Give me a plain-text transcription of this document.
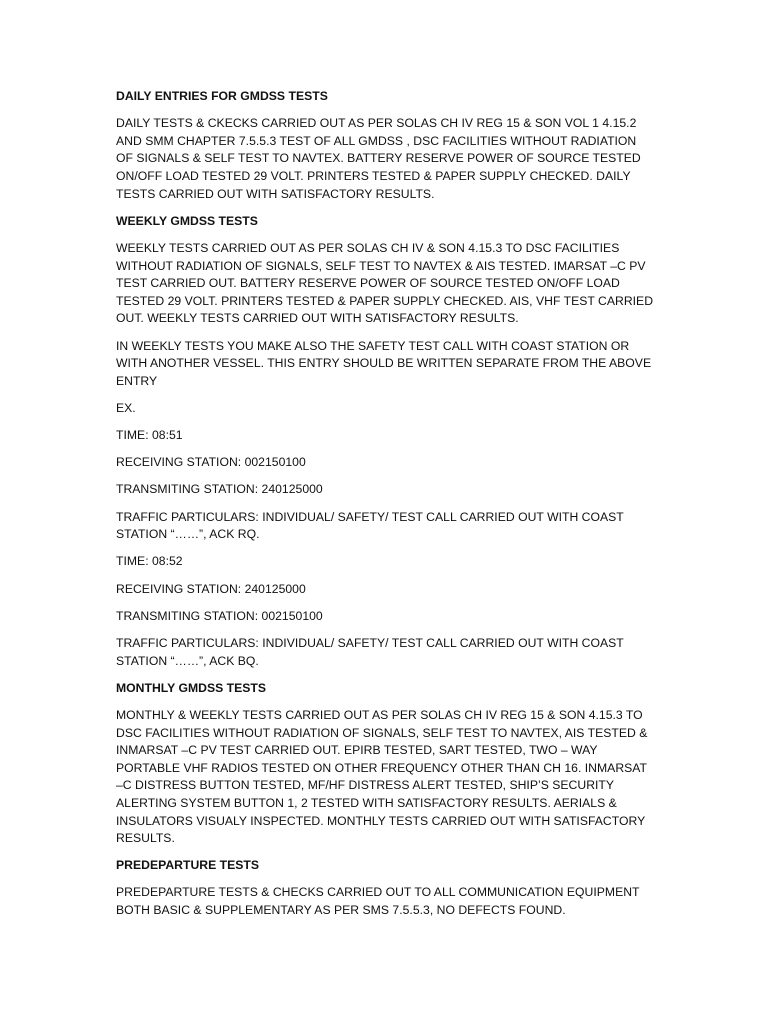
DAILY ENTRIES FOR GMDSS TESTS

DAILY TESTS & CKECKS CARRIED OUT AS PER SOLAS CH IV REG 15 & SON VOL 1 4.15.2 AND SMM CHAPTER 7.5.5.3 TEST OF ALL GMDSS , DSC FACILITIES WITHOUT RADIATION OF SIGNALS & SELF TEST TO NAVTEX. BATTERY RESERVE POWER OF SOURCE TESTED ON/OFF LOAD TESTED 29 VOLT. PRINTERS TESTED & PAPER SUPPLY CHECKED. DAILY TESTS CARRIED OUT WITH SATISFACTORY RESULTS.

WEEKLY GMDSS TESTS

WEEKLY TESTS CARRIED OUT AS PER SOLAS CH IV & SON 4.15.3 TO DSC FACILITIES WITHOUT RADIATION OF SIGNALS, SELF TEST TO NAVTEX & AIS TESTED. IMARSAT –C PV TEST CARRIED OUT. BATTERY RESERVE POWER OF SOURCE TESTED ON/OFF LOAD TESTED 29 VOLT. PRINTERS TESTED & PAPER SUPPLY CHECKED. AIS, VHF TEST CARRIED OUT. WEEKLY TESTS CARRIED OUT WITH SATISFACTORY RESULTS.

IN WEEKLY TESTS YOU MAKE ALSO THE SAFETY TEST CALL WITH COAST STATION OR WITH ANOTHER VESSEL. THIS ENTRY SHOULD BE WRITTEN SEPARATE FROM THE ABOVE ENTRY

EX.

TIME: 08:51

RECEIVING STATION: 002150100

TRANSMITING STATION: 240125000

TRAFFIC PARTICULARS: INDIVIDUAL/ SAFETY/ TEST CALL CARRIED OUT WITH COAST STATION “……”, ACK RQ.

TIME: 08:52

RECEIVING STATION: 240125000

TRANSMITING STATION: 002150100

TRAFFIC PARTICULARS: INDIVIDUAL/ SAFETY/ TEST CALL CARRIED OUT WITH COAST STATION “……”, ACK BQ.

MONTHLY GMDSS TESTS

MONTHLY & WEEKLY TESTS CARRIED OUT AS PER SOLAS CH IV REG 15 & SON 4.15.3 TO DSC FACILITIES WITHOUT RADIATION OF SIGNALS, SELF TEST TO NAVTEX, AIS TESTED & INMARSAT –C PV TEST CARRIED OUT. EPIRB TESTED, SART TESTED, TWO – WAY PORTABLE VHF RADIOS TESTED ON OTHER FREQUENCY OTHER THAN CH 16. INMARSAT –C DISTRESS BUTTON TESTED, MF/HF DISTRESS ALERT TESTED, SHIP’S SECURITY ALERTING SYSTEM BUTTON 1, 2 TESTED WITH SATISFACTORY RESULTS. AERIALS & INSULATORS VISUALY INSPECTED. MONTHLY TESTS CARRIED OUT WITH SATISFACTORY RESULTS.

PREDEPARTURE TESTS

PREDEPARTURE TESTS & CHECKS CARRIED OUT TO ALL COMMUNICATION EQUIPMENT BOTH BASIC & SUPPLEMENTARY AS PER SMS 7.5.5.3, NO DEFECTS FOUND.
